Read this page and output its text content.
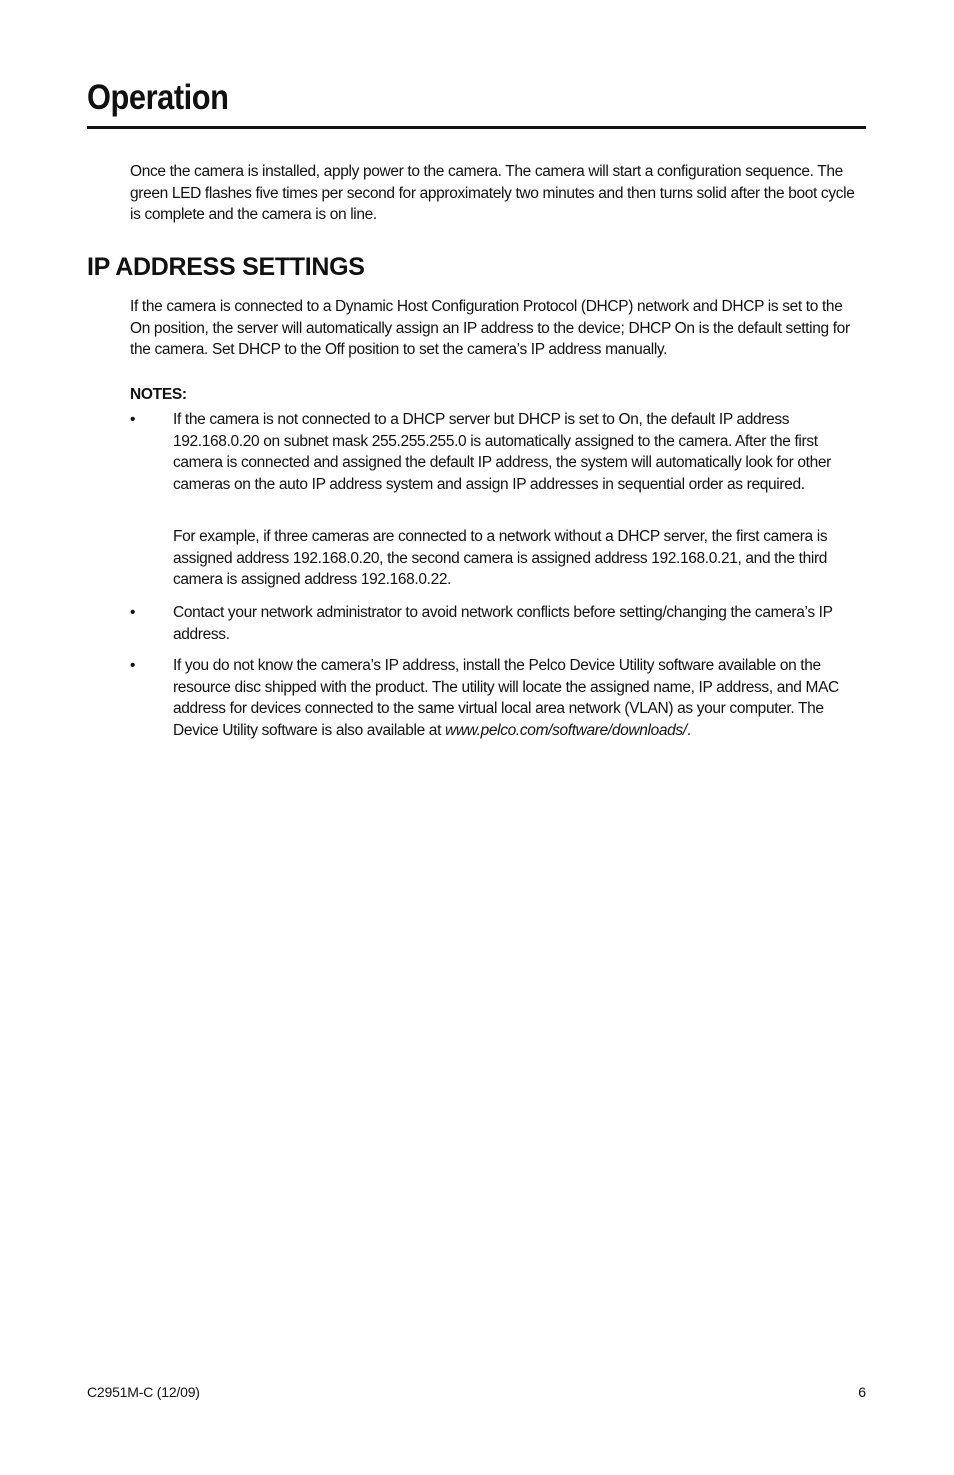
Operation

Once the camera is installed, apply power to the camera. The camera will start a configuration sequence. The green LED flashes five times per second for approximately two minutes and then turns solid after the boot cycle is complete and the camera is on line.

IP ADDRESS SETTINGS

If the camera is connected to a Dynamic Host Configuration Protocol (DHCP) network and DHCP is set to the On position, the server will automatically assign an IP address to the device; DHCP On is the default setting for the camera. Set DHCP to the Off position to set the camera’s IP address manually.

NOTES:
• If the camera is not connected to a DHCP server but DHCP is set to On, the default IP address 192.168.0.20 on subnet mask 255.255.255.0 is automatically assigned to the camera. After the first camera is connected and assigned the default IP address, the system will automatically look for other cameras on the auto IP address system and assign IP addresses in sequential order as required.

For example, if three cameras are connected to a network without a DHCP server, the first camera is assigned address 192.168.0.20, the second camera is assigned address 192.168.0.21, and the third camera is assigned address 192.168.0.22.

• Contact your network administrator to avoid network conflicts before setting/changing the camera’s IP address.

• If you do not know the camera’s IP address, install the Pelco Device Utility software available on the resource disc shipped with the product. The utility will locate the assigned name, IP address, and MAC address for devices connected to the same virtual local area network (VLAN) as your computer. The Device Utility software is also available at www.pelco.com/software/downloads/.

C2951M-C (12/09)	6
